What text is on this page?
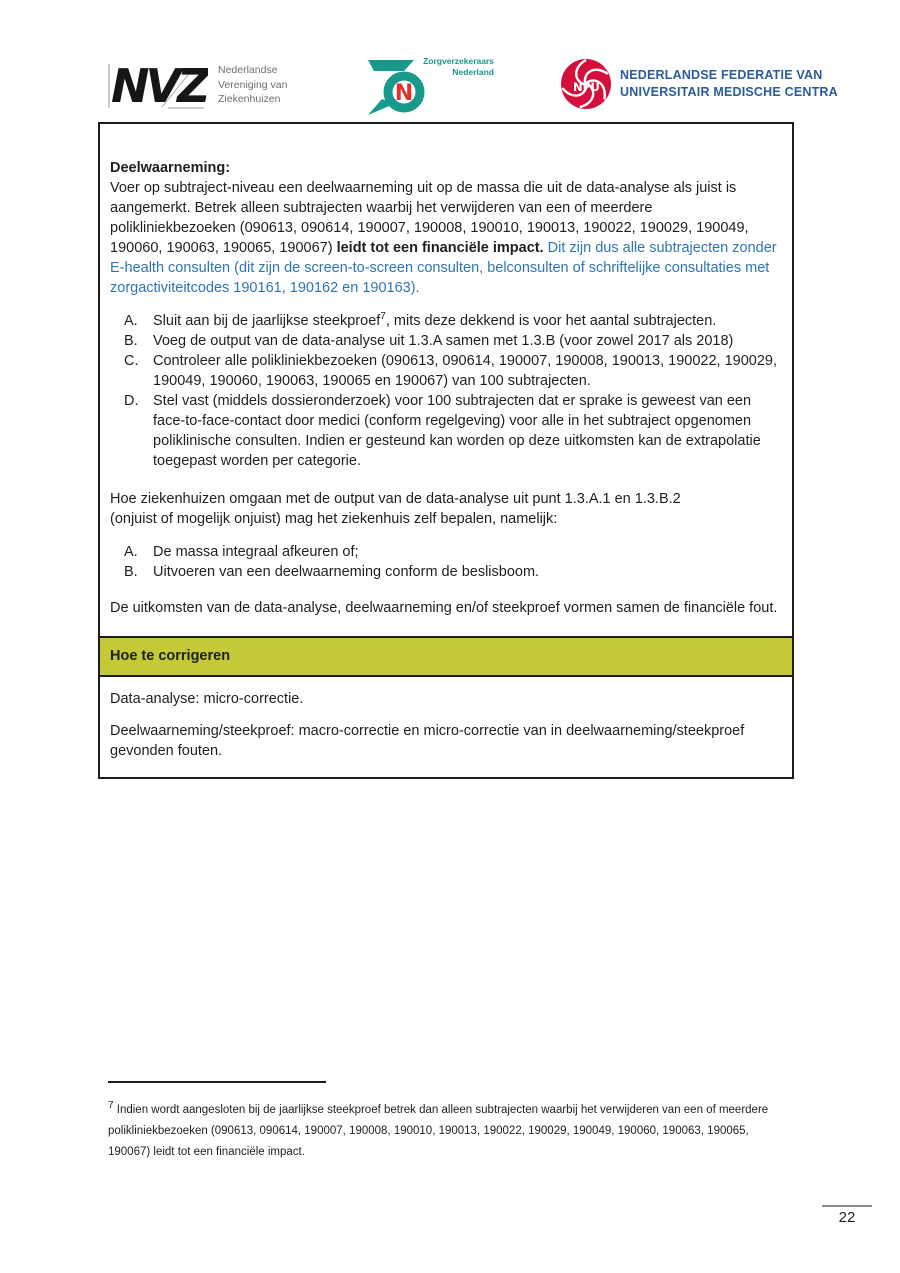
NVZ	Nederlandse
Vereniging van
Ziekenhuizen	N
Zorgverzekeraars
Nederland
NFU
NEDERLANDSE FEDERATIE VAN
UNIVERSITAIR MEDISCHE CENTRA

Deelwaarneming:
Voer op subtraject-niveau een deelwaarneming uit op de massa die uit de data-analyse als juist is aangemerkt. Betrek alleen subtrajecten waarbij het verwijderen van een of meerdere polikliniekbezoeken (090613, 090614, 190007, 190008, 190010, 190013, 190022, 190029, 190049, 190060, 190063, 190065, 190067) leidt tot een financiële impact. Dit zijn dus alle subtrajecten zonder E-health consulten (dit zijn de screen-to-screen consulten, belconsulten of schriftelijke consultaties met zorgactiviteitcodes 190161, 190162 en 190163).

A.	Sluit aan bij de jaarlijkse steekproef$^7$, mits deze dekkend is voor het aantal subtrajecten.
B.	Voeg de output van de data-analyse uit 1.3.A samen met 1.3.B (voor zowel 2017 als 2018)
C.	Controleer alle polikliniekbezoeken (090613, 090614, 190007, 190008, 190013, 190022, 190029, 190049, 190060, 190063, 190065 en 190067) van 100 subtrajecten.
D.	Stel vast (middels dossieronderzoek) voor 100 subtrajecten dat er sprake is geweest van een face-to-face-contact door medici (conform regelgeving) voor alle in het subtraject opgenomen poliklinische consulten. Indien er gesteund kan worden op deze uitkomsten kan de extrapolatie toegepast worden per categorie.

Hoe ziekenhuizen omgaan met de output van de data-analyse uit punt 1.3.A.1 en 1.3.B.2
(onjuist of mogelijk onjuist) mag het ziekenhuis zelf bepalen, namelijk:

A.	De massa integraal afkeuren of;
B.	Uitvoeren van een deelwaarneming conform de beslisboom.

De uitkomsten van de data-analyse, deelwaarneming en/of steekproef vormen samen de financiële fout.

Hoe te corrigeren

Data-analyse: micro-correctie.

Deelwaarneming/steekproef: macro-correctie en micro-correctie van in deelwaarneming/steekproef gevonden fouten.

$^7$ Indien wordt aangesloten bij de jaarlijkse steekproef betrek dan alleen subtrajecten waarbij het verwijderen van een of meerdere polikliniekbezoeken (090613, 090614, 190007, 190008, 190010, 190013, 190022, 190029, 190049, 190060, 190063, 190065, 190067) leidt tot een financiële impact.
22
